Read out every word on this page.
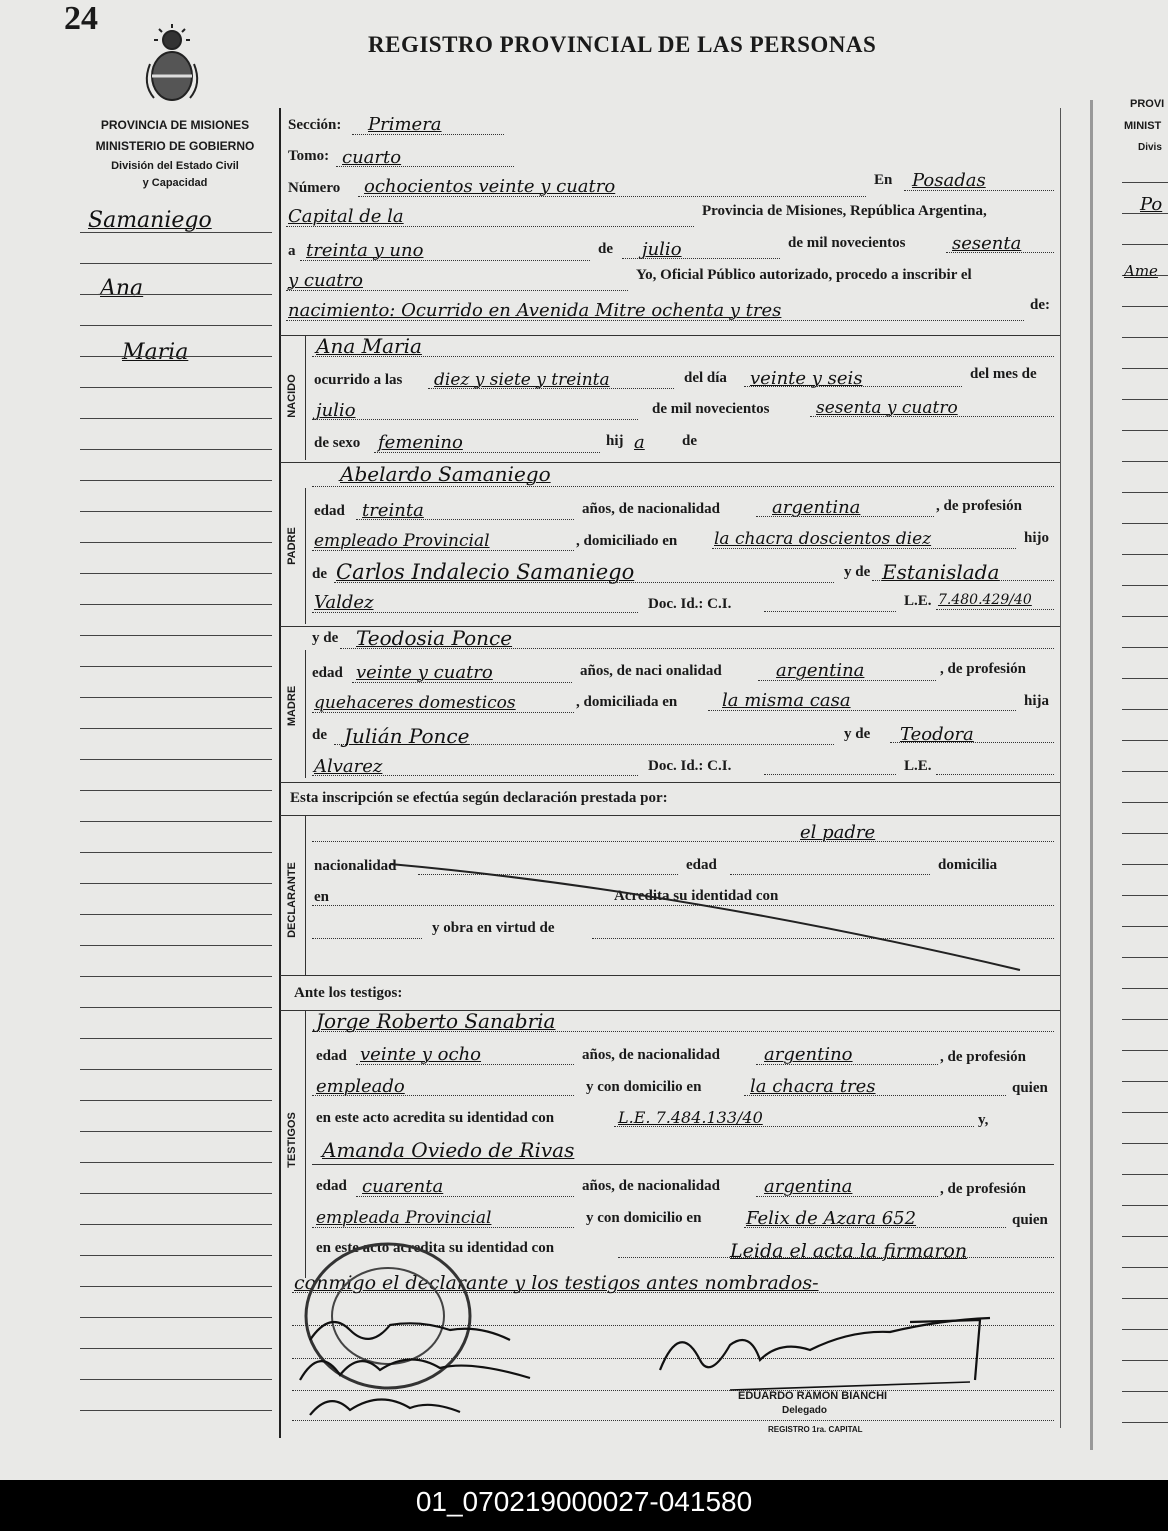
24
REGISTRO PROVINCIAL DE LAS PERSONAS
PROVINCIA DE MISIONES
MINISTERIO DE GOBIERNO
División del Estado Civil
y Capacidad
Samaniego
Ana
Maria
PROVI
MINIST
Divis
Po
Ame
Sección: Primera
Tomo: cuarto
Número ochocientos veinte y cuatro	En Posadas
Capital de la	Provincia de Misiones, República Argentina,
a treinta y uno	de julio	de mil novecientos	sesenta
y cuatro	Yo, Oficial Público autorizado, procedo a inscribir el
nacimiento: Ocurrido en Avenida Mitre ochenta y tres	de:
NACIDO
Ana Maria
ocurrido a las diez y siete y treinta	del día veinte y seis	del mes de
julio	de mil novecientos	sesenta y cuatro
de sexo femenino	hij a de
PADRE
Abelardo Samaniego
edad treinta	años, de nacionalidad	argentina	, de profesión
empleado Provincial	, domiciliado en la chacra doscientos diez	hijo
de Carlos Indalecio Samaniego	y de Estanislada
Valdez	Doc. Id.: C.I.	L.E. 7.480.429/40
MADRE
y de Teodosia Ponce
edad veinte y cuatro	años, de naci onalidad	argentina	, de profesión
quehaceres domesticos	, domiciliada en la misma casa	hija
de Julián Ponce	y de Teodora
Alvarez	Doc. Id.: C.I.	L.E.
Esta inscripción se efectúa según declaración prestada por:
DECLARANTE
el padre
nacionalidad	edad	domicilia
en	Acredita su identidad con
y obra en virtud de
Ante los testigos:
TESTIGOS
Jorge Roberto Sanabria
edad veinte y ocho	años, de nacionalidad argentino	, de profesión
empleado	y con domicilio en	la chacra tres	quien
en este acto acredita su identidad con	L.E. 7.484.133/40	y,
Amanda Oviedo de Rivas
edad cuarenta	años, de nacionalidad argentina	, de profesión
empleada Provincial	y con domicilio en Felix de Azara 652	quien
en este acto acredita su identidad con	Leida el acta la firmaron
conmigo el declarante y los testigos antes nombrados-
EDUARDO RAMON BIANCHI
Delegado
REGISTRO 1ra. CAPITAL
01_070219000027-041580
